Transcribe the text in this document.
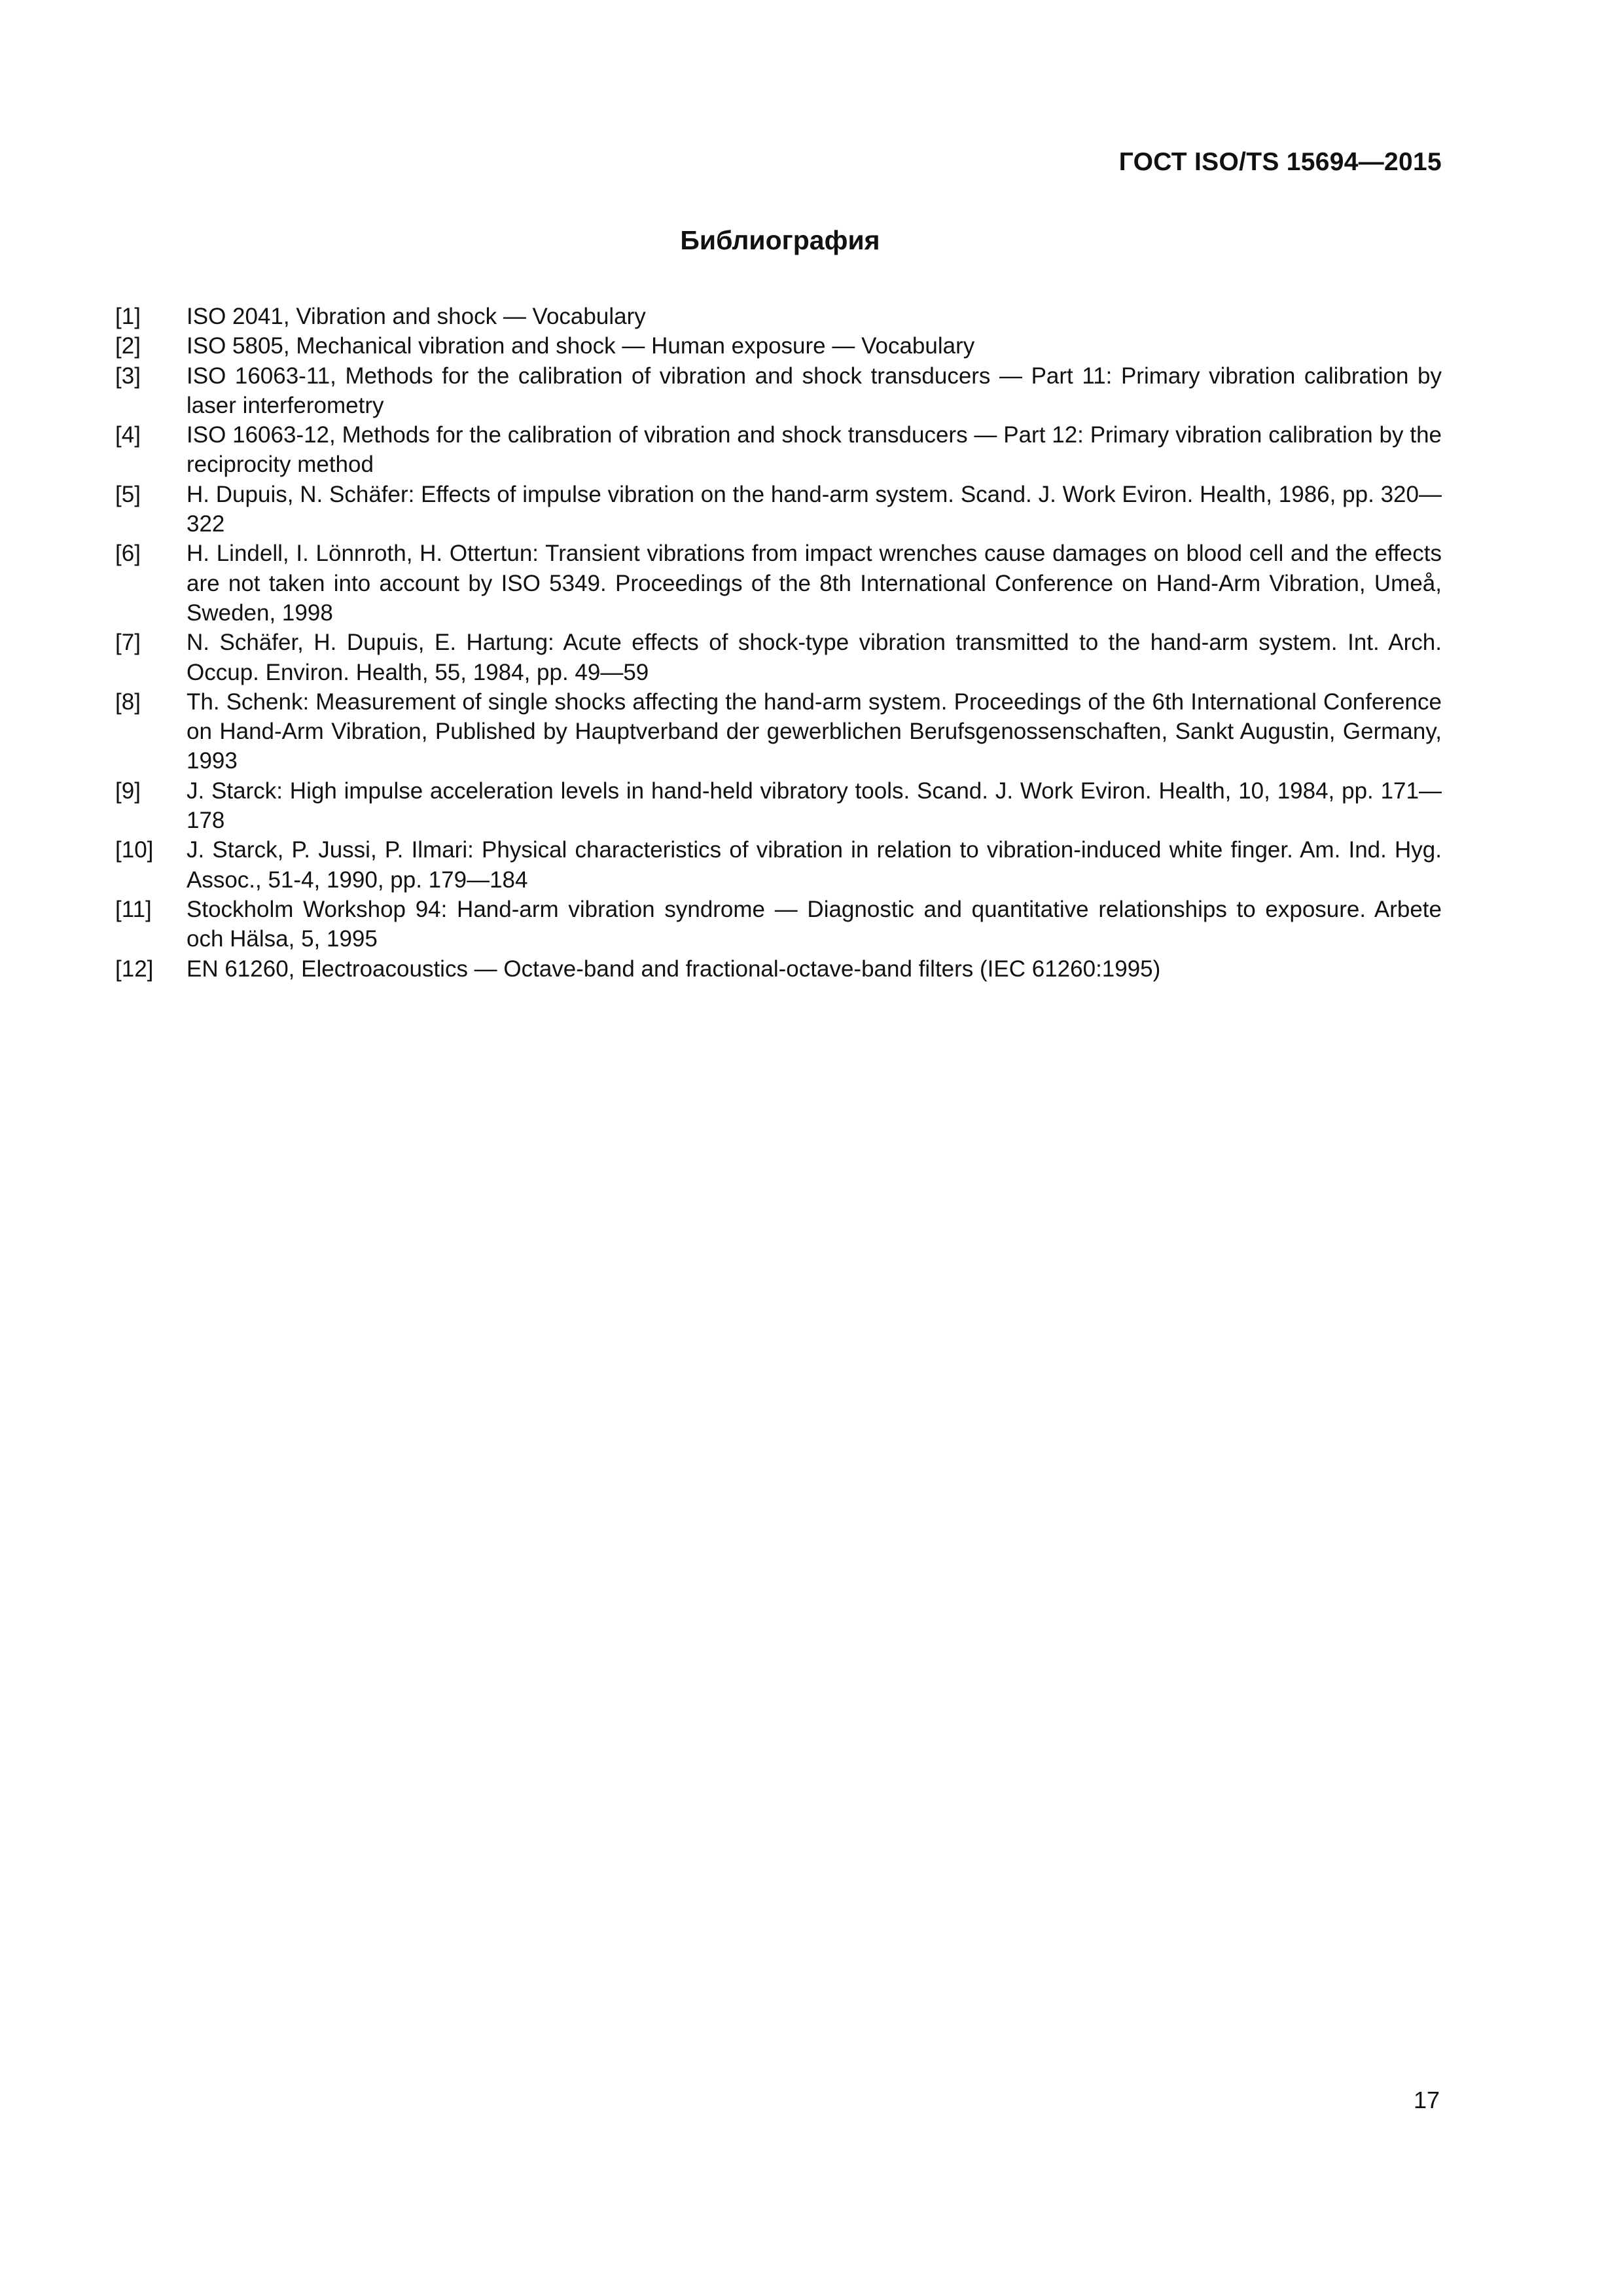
ГОСТ ISO/TS 15694—2015
Библиография
[1] ISO 2041, Vibration and shock — Vocabulary
[2] ISO 5805, Mechanical vibration and shock — Human exposure — Vocabulary
[3] ISO 16063-11, Methods for the calibration of vibration and shock transducers — Part 11: Primary vibration calibration by laser interferometry
[4] ISO 16063-12, Methods for the calibration of vibration and shock transducers — Part 12: Primary vibration calibration by the reciprocity method
[5] H. Dupuis, N. Schäfer: Effects of impulse vibration on the hand-arm system. Scand. J. Work Eviron. Health, 1986, pp. 320—322
[6] H. Lindell, I. Lönnroth, H. Ottertun: Transient vibrations from impact wrenches cause damages on blood cell and the effects are not taken into account by ISO 5349. Proceedings of the 8th International Conference on Hand-Arm Vibration, Umeå, Sweden, 1998
[7] N. Schäfer, H. Dupuis, E. Hartung: Acute effects of shock-type vibration transmitted to the hand-arm system. Int. Arch. Occup. Environ. Health, 55, 1984, pp. 49—59
[8] Th. Schenk: Measurement of single shocks affecting the hand-arm system. Proceedings of the 6th International Conference on Hand-Arm Vibration, Published by Hauptverband der gewerblichen Berufsgenossenschaften, Sankt Augustin, Germany, 1993
[9] J. Starck: High impulse acceleration levels in hand-held vibratory tools. Scand. J. Work Eviron. Health, 10, 1984, pp. 171—178
[10] J. Starck, P. Jussi, P. Ilmari: Physical characteristics of vibration in relation to vibration-induced white finger. Am. Ind. Hyg. Assoc., 51-4, 1990, pp. 179—184
[11] Stockholm Workshop 94: Hand-arm vibration syndrome — Diagnostic and quantitative relationships to exposure. Arbete och Hälsa, 5, 1995
[12] EN 61260, Electroacoustics — Octave-band and fractional-octave-band filters (IEC 61260:1995)
17
